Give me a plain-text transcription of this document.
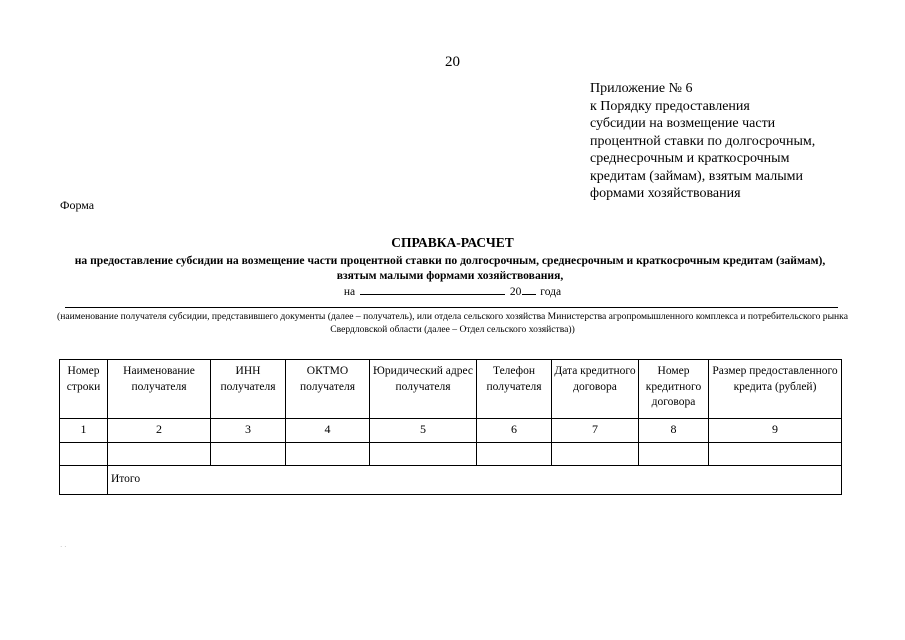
20
Приложение № 6
к Порядку предоставления
субсидии на возмещение части
процентной ставки по долгосрочным,
среднесрочным и краткосрочным
кредитам (займам), взятым малыми
формами хозяйствования
Форма
СПРАВКА-РАСЧЕТ
на предоставление субсидии на возмещение части процентной ставки по долгосрочным, среднесрочным и краткосрочным кредитам (займам), взятым малыми формами хозяйствования,
на	20 года
(наименование получателя субсидии, представившего документы (далее – получатель), или отдела сельского хозяйства Министерства агропромышленного комплекса и потребительского рынка Свердловской области (далее – Отдел сельского хозяйства))
Номер строки	Наименование получателя	ИНН получателя	ОКТМО получателя	Юридический адрес получателя	Телефон получателя	Дата кредитного договора	Номер кредитного договора	Размер предоставленного кредита (рублей)
1	2	3	4	5	6	7	8	9

	Итого							
· ·
